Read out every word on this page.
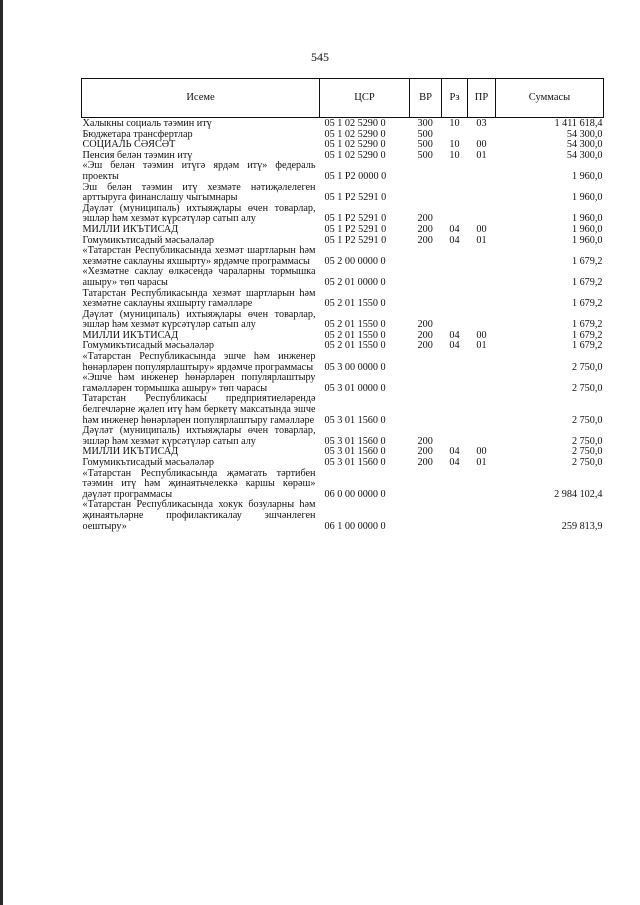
545
Исеме	ЦСР	ВР	Рз	ПР	Суммасы
Халыкны социаль тәэмин итү	05 1 02 5290 0	300	10	03	1 411 618,4
Бюджетара трансфертлар	05 1 02 5290 0	500			54 300,0
СОЦИАЛЬ СӘЯСӘТ	05 1 02 5290 0	500	10	00	54 300,0
Пенсия белән тәэмин итү	05 1 02 5290 0	500	10	01	54 300,0
«Эш белән тәэмин итүгә ярдәм итү» федераль проекты	05 1 P2 0000 0				1 960,0
Эш белән тәэмин итү хезмәте нәтиҗәлелеген арттыруга финанслашу чыгымнары	05 1 P2 5291 0				1 960,0
Дәүләт (муниципаль) ихтыяҗлары өчен товарлар, эшләр һәм хезмәт күрсәтүләр сатып алу	05 1 P2 5291 0	200			1 960,0
МИЛЛИ ИКЪТИСАД	05 1 P2 5291 0	200	04	00	1 960,0
Гомумикътисадый мәсьәләләр	05 1 P2 5291 0	200	04	01	1 960,0
«Татарстан Республикасында хезмәт шартларын һәм хезмәтне саклауны яхшырту» ярдәмче программасы	05 2 00 0000 0				1 679,2
«Хезмәтне саклау өлкәсендә чараларны тормышка ашыру» төп чарасы	05 2 01 0000 0				1 679,2
Татарстан Республикасында хезмәт шартларын һәм хезмәтне саклауны яхшырту гамәлләре	05 2 01 1550 0				1 679,2
Дәүләт (муниципаль) ихтыяҗлары өчен товарлар, эшләр һәм хезмәт күрсәтүләр сатып алу	05 2 01 1550 0	200			1 679,2
МИЛЛИ ИКЪТИСАД	05 2 01 1550 0	200	04	00	1 679,2
Гомумикътисадый мәсьәләләр	05 2 01 1550 0	200	04	01	1 679,2
«Татарстан Республикасында эшче һәм инженер һөнәрләрен популярлаштыру» ярдәмче программасы	05 3 00 0000 0				2 750,0
«Эшче һәм инженер һөнәрләрен популярлаштыру гамәлләрен тормышка ашыру» төп чарасы	05 3 01 0000 0				2 750,0
Татарстан Республикасы предприятиеләрендә белгечләрне җәлеп итү һәм беркетү максатында эшче һәм инженер һөнәрләрен популярлаштыру гамәлләре	05 3 01 1560 0				2 750,0
Дәүләт (муниципаль) ихтыяҗлары өчен товарлар, эшләр һәм хезмәт күрсәтүләр сатып алу	05 3 01 1560 0	200			2 750,0
МИЛЛИ ИКЪТИСАД	05 3 01 1560 0	200	04	00	2 750,0
Гомумикътисадый мәсьәләләр	05 3 01 1560 0	200	04	01	2 750,0
«Татарстан Республикасында җәмәгать тәртибен тәэмин итү һәм җинаятьчелеккә каршы көрәш» дәүләт программасы	06 0 00 0000 0				2 984 102,4
«Татарстан Республикасында хокук бозуларны һәм җинаятьләрне профилактикалау эшчәнлеген оештыру»	06 1 00 0000 0				259 813,9
